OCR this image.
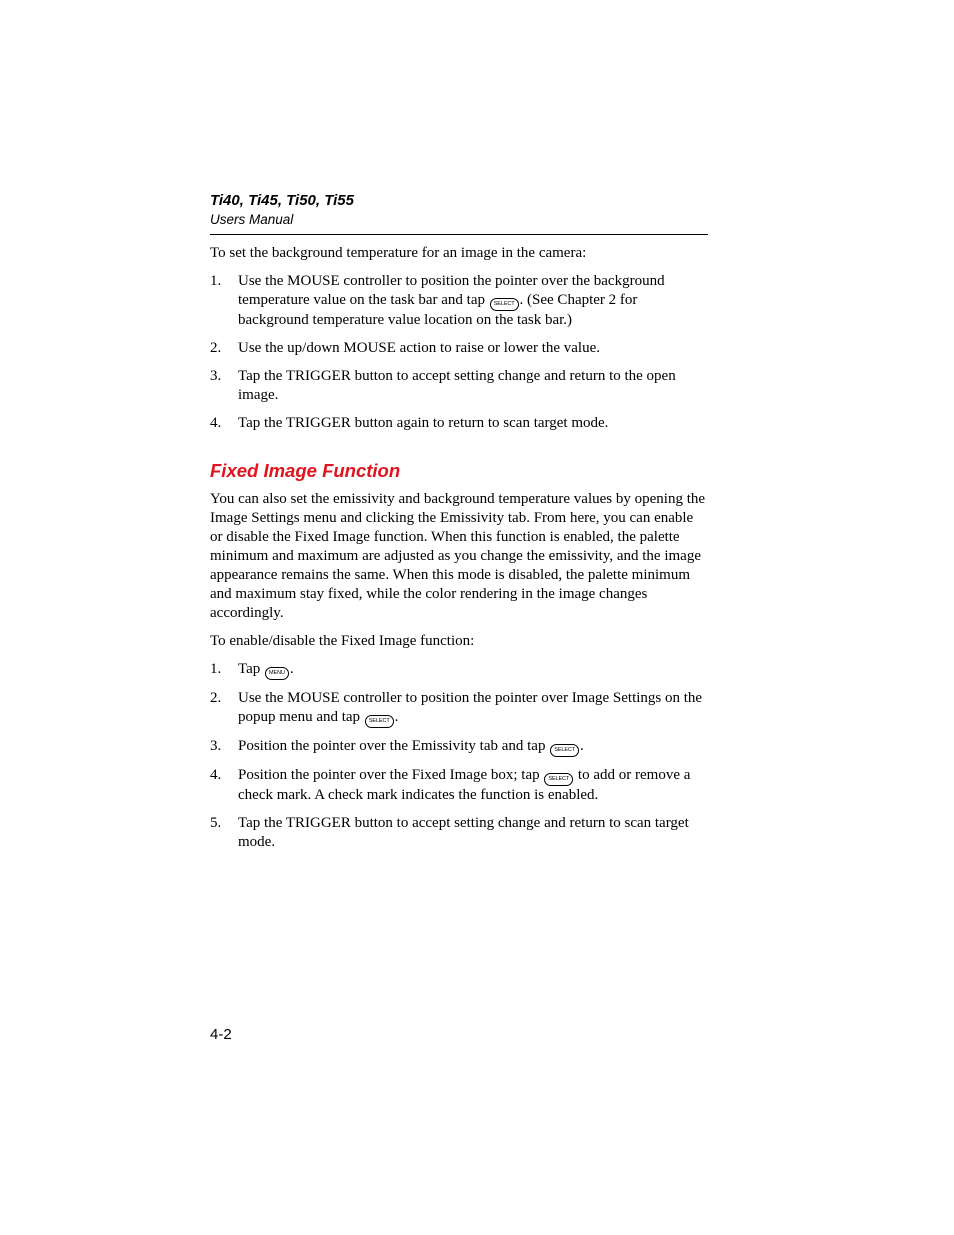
Ti40, Ti45, Ti50, Ti55
Users Manual

To set the background temperature for an image in the camera:

1. Use the MOUSE controller to position the pointer over the background temperature value on the task bar and tap SELECT . (See Chapter 2 for background temperature value location on the task bar.)
2. Use the up/down MOUSE action to raise or lower the value.
3. Tap the TRIGGER button to accept setting change and return to the open image.
4. Tap the TRIGGER button again to return to scan target mode.
Fixed Image Function

You can also set the emissivity and background temperature values by opening the Image Settings menu and clicking the Emissivity tab. From here, you can enable or disable the Fixed Image function. When this function is enabled, the palette minimum and maximum are adjusted as you change the emissivity, and the image appearance remains the same. When this mode is disabled, the palette minimum and maximum stay fixed, while the color rendering in the image changes accordingly.

To enable/disable the Fixed Image function:

1. Tap MENU .
2. Use the MOUSE controller to position the pointer over Image Settings on the popup menu and tap SELECT .
3. Position the pointer over the Emissivity tab and tap SELECT .
4. Position the pointer over the Fixed Image box; tap SELECT to add or remove a check mark. A check mark indicates the function is enabled.
5. Tap the TRIGGER button to accept setting change and return to scan target mode.
4-2
